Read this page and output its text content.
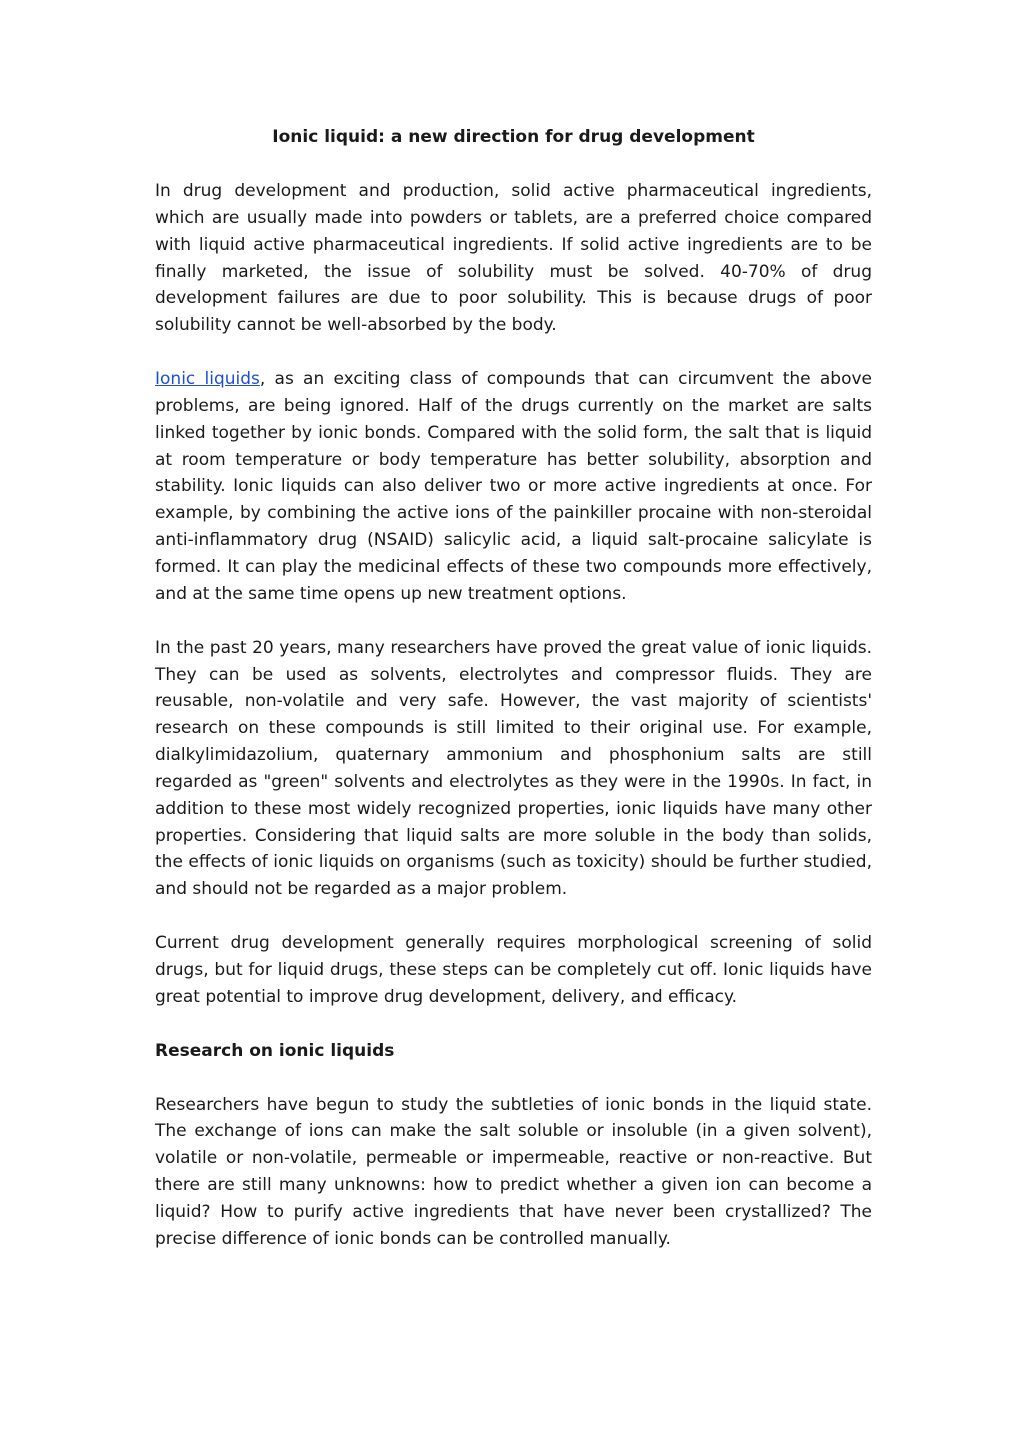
Ionic liquid: a new direction for drug development

In drug development and production, solid active pharmaceutical ingredients, which are usually made into powders or tablets, are a preferred choice compared with liquid active pharmaceutical ingredients. If solid active ingredients are to be finally marketed, the issue of solubility must be solved. 40-70% of drug development failures are due to poor solubility. This is because drugs of poor solubility cannot be well-absorbed by the body.

Ionic liquids, as an exciting class of compounds that can circumvent the above problems, are being ignored. Half of the drugs currently on the market are salts linked together by ionic bonds. Compared with the solid form, the salt that is liquid at room temperature or body temperature has better solubility, absorption and stability. Ionic liquids can also deliver two or more active ingredients at once. For example, by combining the active ions of the painkiller procaine with non-steroidal anti-inflammatory drug (NSAID) salicylic acid, a liquid salt-procaine salicylate is formed. It can play the medicinal effects of these two compounds more effectively, and at the same time opens up new treatment options.

In the past 20 years, many researchers have proved the great value of ionic liquids. They can be used as solvents, electrolytes and compressor fluids. They are reusable, non-volatile and very safe. However, the vast majority of scientists' research on these compounds is still limited to their original use. For example, dialkylimidazolium, quaternary ammonium and phosphonium salts are still regarded as "green" solvents and electrolytes as they were in the 1990s. In fact, in addition to these most widely recognized properties, ionic liquids have many other properties. Considering that liquid salts are more soluble in the body than solids, the effects of ionic liquids on organisms (such as toxicity) should be further studied, and should not be regarded as a major problem.

Current drug development generally requires morphological screening of solid drugs, but for liquid drugs, these steps can be completely cut off. Ionic liquids have great potential to improve drug development, delivery, and efficacy.

Research on ionic liquids

Researchers have begun to study the subtleties of ionic bonds in the liquid state. The exchange of ions can make the salt soluble or insoluble (in a given solvent), volatile or non-volatile, permeable or impermeable, reactive or non-reactive. But there are still many unknowns: how to predict whether a given ion can become a liquid? How to purify active ingredients that have never been crystallized? The precise difference of ionic bonds can be controlled manually.
